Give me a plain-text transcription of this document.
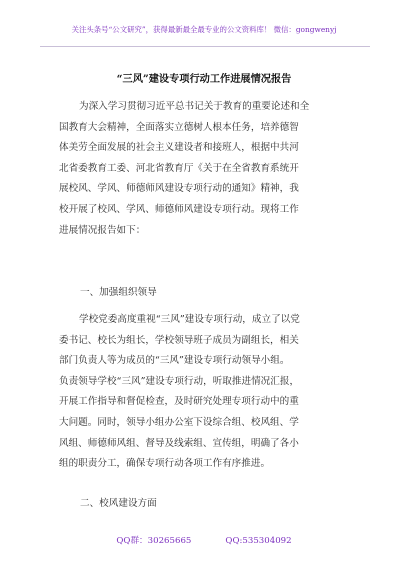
关注头条号“公文研究”，获得最新最全最专业的公文资料库！ 微信：gongwenyj
“三风”建设专项行动工作进展情况报告
为深入学习贯彻习近平总书记关于教育的重要论述和全
国教育大会精神，全面落实立德树人根本任务，培养德智
体美劳全面发展的社会主义建设者和接班人，根据中共河
北省委教育工委、河北省教育厅《关于在全省教育系统开
展校风、学风、师德师风建设专项行动的通知》精神，我
校开展了校风、学风、师德师风建设专项行动。现将工作
进展情况报告如下：
一、加强组织领导
学校党委高度重视“三风”建设专项行动，成立了以党
委书记、校长为组长，学校领导班子成员为副组长，相关
部门负责人等为成员的“三风”建设专项行动领导小组。
负责领导学校“三风”建设专项行动，听取推进情况汇报，
开展工作指导和督促检查，及时研究处理专项行动中的重
大问题。同时，领导小组办公室下设综合组、校风组、学
风组、师德师风组、督导及线索组、宣传组，明确了各小
组的职责分工，确保专项行动各项工作有序推进。
二、校风建设方面
QQ群：30265665	QQ:535304092
